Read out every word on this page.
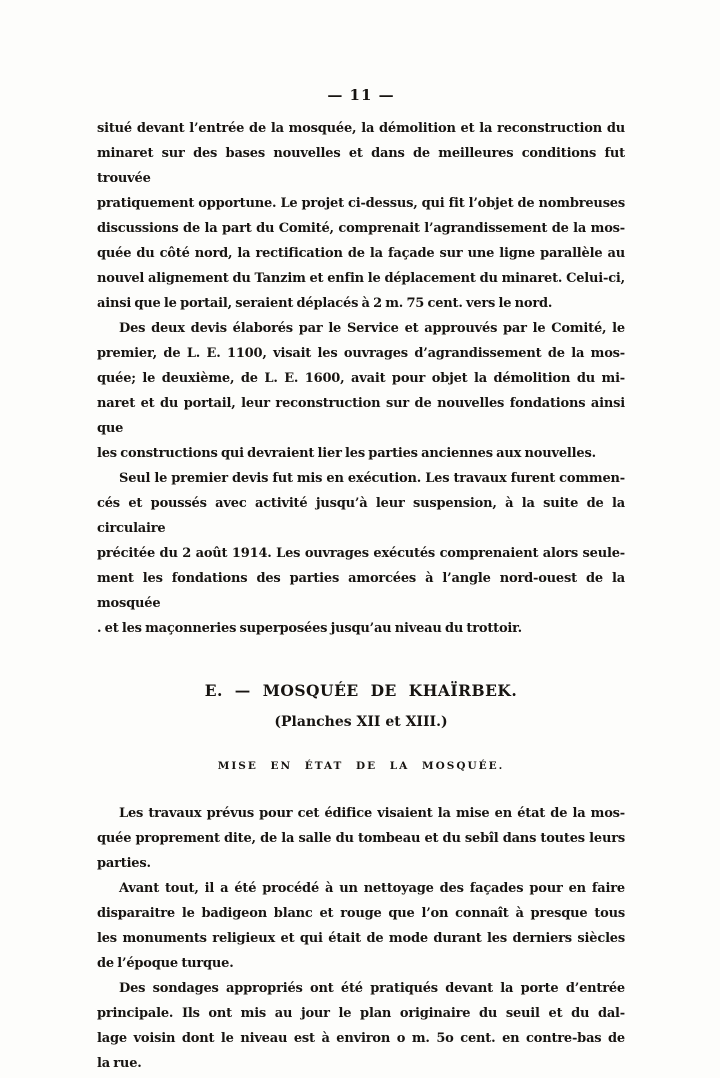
— 11 —
situé devant l’entrée de la mosquée, la démolition et la reconstruction du
minaret sur des bases nouvelles et dans de meilleures conditions fut trouvée
pratiquement opportune. Le projet ci-dessus, qui fit l’objet de nombreuses
discussions de la part du Comité, comprenait l’agrandissement de la mos-
quée du côté nord, la rectification de la façade sur une ligne parallèle au
nouvel alignement du Tanzim et enfin le déplacement du minaret. Celui-ci,
ainsi que le portail, seraient déplacés à 2 m. 75 cent. vers le nord.
Des deux devis élaborés par le Service et approuvés par le Comité, le
premier, de L. E. 1100, visait les ouvrages d’agrandissement de la mos-
quée; le deuxième, de L. E. 1600, avait pour objet la démolition du mi-
naret et du portail, leur reconstruction sur de nouvelles fondations ainsi que
les constructions qui devraient lier les parties anciennes aux nouvelles.
Seul le premier devis fut mis en exécution. Les travaux furent commen-
cés et poussés avec activité jusqu’à leur suspension, à la suite de la circulaire
précitée du 2 août 1914. Les ouvrages exécutés comprenaient alors seule-
ment les fondations des parties amorcées à l’angle nord-ouest de la mosquée
. et les maçonneries superposées jusqu’au niveau du trottoir.
E. — MOSQUÉE DE KHAÏRBEK.
(Planches XII et XIII.)
MISE EN ÉTAT DE LA MOSQUÉE.
Les travaux prévus pour cet édifice visaient la mise en état de la mos-
quée proprement dite, de la salle du tombeau et du sebîl dans toutes leurs
parties.
Avant tout, il a été procédé à un nettoyage des façades pour en faire
disparaitre le badigeon blanc et rouge que l’on connaît à presque tous
les monuments religieux et qui était de mode durant les derniers siècles
de l’époque turque.
Des sondages appropriés ont été pratiqués devant la porte d’entrée
principale. Ils ont mis au jour le plan originaire du seuil et du dal-
lage voisin dont le niveau est à environ o m. 5o cent. en contre-bas de
la rue.
